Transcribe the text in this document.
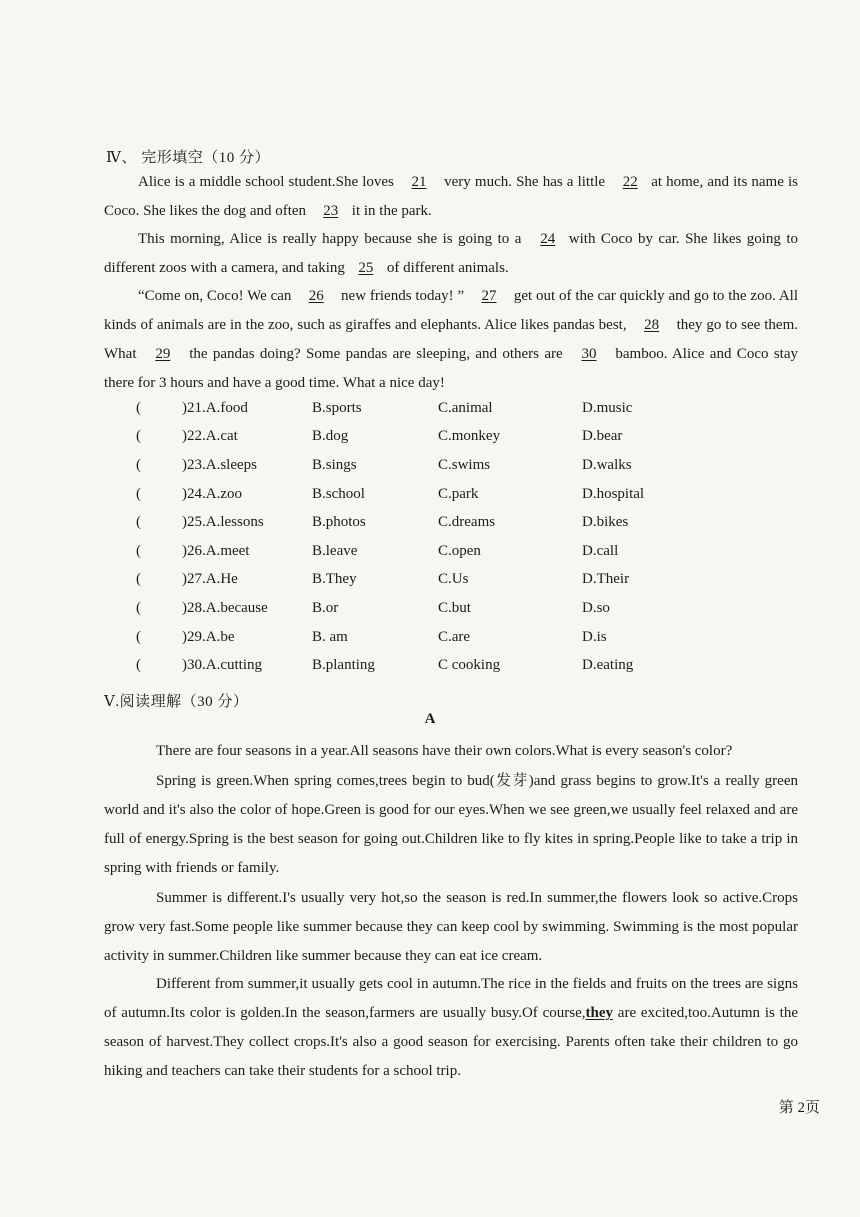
Ⅳ、 完形填空（10 分）
Alice is a middle school student.She loves 21 very much. She has a little 22 at home, and its name is Coco. She likes the dog and often 23 it in the park.
This morning, Alice is really happy because she is going to a 24 with Coco by car. She likes going to different zoos with a camera, and taking 25 of different animals.
“Come on, Coco! We can 26 new friends today! ” 27 get out of the car quickly and go to the zoo. All kinds of animals are in the zoo, such as giraffes and elephants. Alice likes pandas best, 28 they go to see them. What 29 the pandas doing? Some pandas are sleeping, and others are 30 bamboo. Alice and Coco stay there for 3 hours and have a good time. What a nice day!
(	)21.A.food	B.sports	C.animal	D.music
(	)22.A.cat	B.dog	C.monkey	D.bear
(	)23.A.sleeps	B.sings	C.swims	D.walks
(	)24.A.zoo	B.school	C.park	D.hospital
(	)25.A.lessons	B.photos	C.dreams	D.bikes
(	)26.A.meet	B.leave	C.open	D.call
(	)27.A.He	B.They	C.Us	D.Their
(	)28.A.because	B.or	C.but	D.so
(	)29.A.be	B. am	C.are	D.is
(	)30.A.cutting	B.planting	C cooking	D.eating
Ⅴ.阅读理解（30 分）
A
There are four seasons in a year.All seasons have their own colors.What is every season's color?
Spring is green.When spring comes,trees begin to bud(发芽)and grass begins to grow.It's a really green world and it's also the color of hope.Green is good for our eyes.When we see green,we usually feel relaxed and are full of energy.Spring is the best season for going out.Children like to fly kites in spring.People like to take a trip in spring with friends or family.
Summer is different.I's usually very hot,so the season is red.In summer,the flowers look so active.Crops grow very fast.Some people like summer because they can keep cool by swimming. Swimming is the most popular activity in summer.Children like summer because they can eat ice cream.
Different from summer,it usually gets cool in autumn.The rice in the fields and fruits on the trees are signs of autumn.Its color is golden.In the season,farmers are usually busy.Of course,they are excited,too.Autumn is the season of harvest.They collect crops.It's also a good season for exercising. Parents often take their children to go hiking and teachers can take their students for a school trip.
第 2页
